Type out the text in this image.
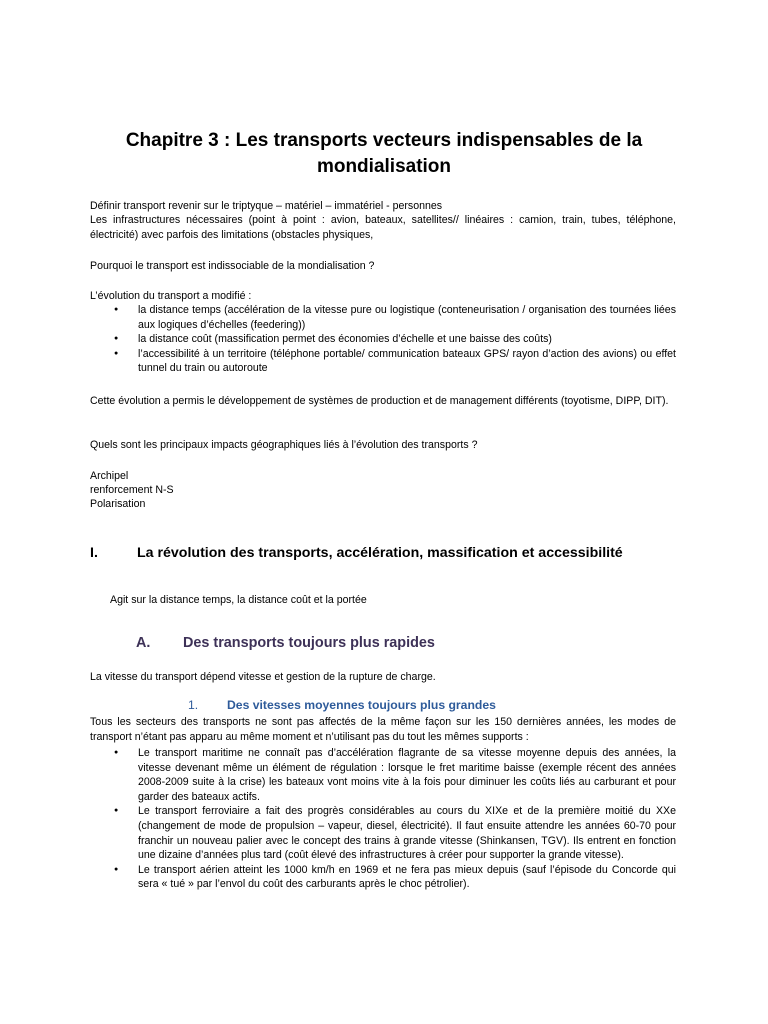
Chapitre 3 : Les transports vecteurs indispensables de la mondialisation
Définir transport revenir sur le triptyque – matériel – immatériel - personnes
Les infrastructures nécessaires (point à point : avion, bateaux, satellites// linéaires : camion, train, tubes, téléphone, électricité) avec parfois des limitations (obstacles physiques,
Pourquoi le transport est indissociable de la mondialisation ?
L’évolution du transport a modifié :
● la distance temps (accélération de la vitesse pure ou logistique (conteneurisation / organisation des tournées liées aux logiques d’échelles (feedering))
● la distance coût (massification permet des économies d’échelle et une baisse des coûts)
● l’accessibilité à un territoire (téléphone portable/ communication bateaux GPS/ rayon d’action des avions) ou effet tunnel du train ou autoroute
Cette évolution a permis le développement de systèmes de production et de management différents (toyotisme, DIPP, DIT).
Quels sont les principaux impacts géographiques liés à l’évolution des transports ?
Archipel
renforcement N-S
Polarisation
I.	La révolution des transports, accélération, massification et accessibilité
Agit sur la distance temps, la distance coût et la portée
A. Des transports toujours plus rapides
La vitesse du transport dépend vitesse et gestion de la rupture de charge.
1. Des vitesses moyennes toujours plus grandes
Tous les secteurs des transports ne sont pas affectés de la même façon sur les 150 dernières années, les modes de transport n’étant pas apparu au même moment et n’utilisant pas du tout les mêmes supports :
● Le transport maritime ne connaît pas d’accélération flagrante de sa vitesse moyenne depuis des années, la vitesse devenant même un élément de régulation : lorsque le fret maritime baisse (exemple récent des années 2008-2009 suite à la crise) les bateaux vont moins vite à la fois pour diminuer les coûts liés au carburant et pour garder des bateaux actifs.
● Le transport ferroviaire a fait des progrès considérables au cours du XIXe et de la première moitié du XXe (changement de mode de propulsion – vapeur, diesel, électricité). Il faut ensuite attendre les années 60-70 pour franchir un nouveau palier avec le concept des trains à grande vitesse (Shinkansen, TGV). Ils entrent en fonction une dizaine d’années plus tard (coût élevé des infrastructures à créer pour supporter la grande vitesse).
● Le transport aérien atteint les 1000 km/h en 1969 et ne fera pas mieux depuis (sauf l’épisode du Concorde qui sera « tué » par l’envol du coût des carburants après le choc pétrolier).
